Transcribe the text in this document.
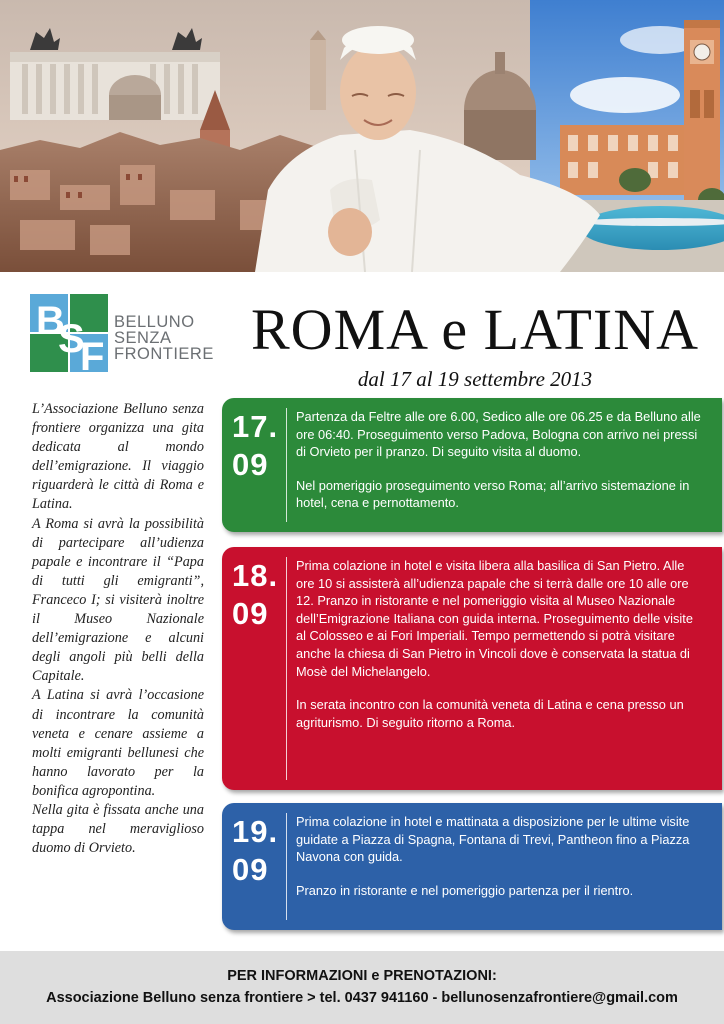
B
S
F
BELLUNO
SENZA
FRONTIERE ROMA e LATINA
dal 17 al 19 settembre 2013

L’Associazione Belluno senza frontiere organizza una gita dedicata al mondo dell’emigrazione. Il viaggio riguarderà le città di Roma e Latina.

A Roma si avrà la possibilità di partecipare all’udienza papale e incontrare il “Papa di tutti gli emigranti”, Franceco I; si visiterà inoltre il Museo Nazionale dell’emigrazione e alcuni degli angoli più belli della Capitale.

A Latina si avrà l’occasione di incontrare la comunità veneta e cenare assieme a molti emigranti bellunesi che hanno lavorato per la bonifica agropontina.

Nella gita è fissata anche una tappa nel meraviglioso duomo di Orvieto.

17.
09

Partenza da Feltre alle ore 6.00, Sedico alle ore 06.25 e da Belluno alle ore 06:40. Proseguimento verso Padova, Bologna con arrivo nei pressi di Orvieto per il pranzo. Di seguito visita al duomo.

Nel pomeriggio proseguimento verso Roma; all’arrivo sistemazione in hotel, cena e pernottamento.

18.
09

Prima colazione in hotel e visita libera alla basilica di San Pietro. Alle ore 10 si assisterà all’udienza papale che si terrà dalle ore 10 alle ore 12. Pranzo in ristorante e nel pomeriggio visita al Museo Nazionale dell’Emigrazione Italiana con guida interna. Proseguimento delle visite al Colosseo e ai Fori Imperiali. Tempo permettendo si potrà visitare anche la chiesa di San Pietro in Vincoli dove è conservata la statua di Mosè del Michelangelo.

In serata incontro con la comunità veneta di Latina e cena presso un agriturismo. Di seguito ritorno a Roma.

19.
09

Prima colazione in hotel e mattinata a disposizione per le ultime visite guidate a Piazza di Spagna, Fontana di Trevi, Pantheon fino a Piazza Navona con guida.

Pranzo in ristorante e nel pomeriggio partenza per il rientro.

PER INFORMAZIONI e PRENOTAZIONI:
Associazione Belluno senza frontiere > tel. 0437 941160 - bellunosenzafrontiere@gmail.com
